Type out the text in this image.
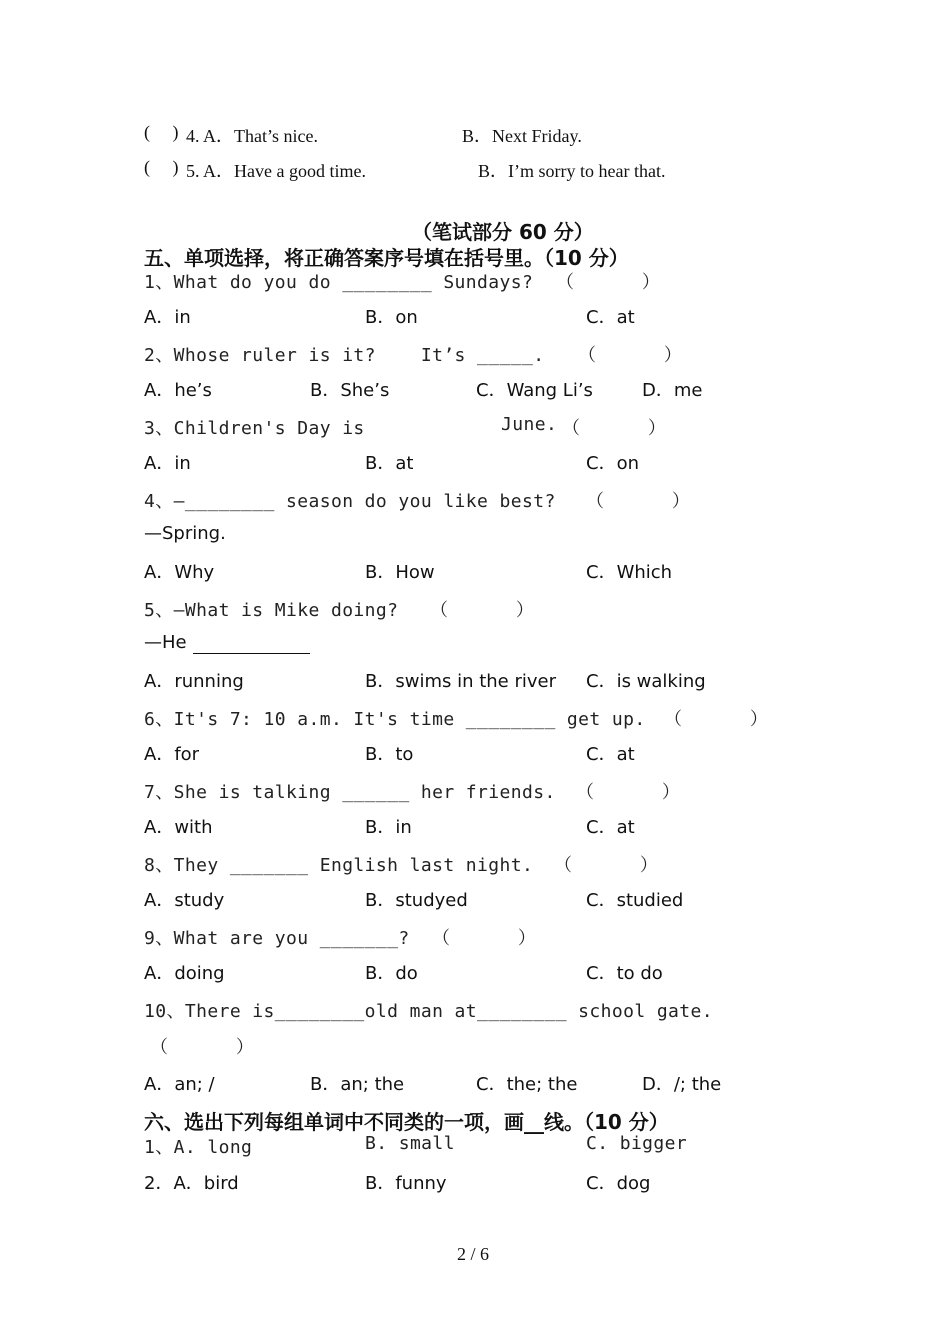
(     )

4. A．That’s nice.

	B．Next Friday.

(     )

5. A．Have a good time.

	B．I’m sorry to hear that.

（笔试部分 60 分）

五、单项选择，将正确答案序号填在括号里。（10 分）

1、What do you do ________ Sundays?

（      ）

A．in

	B．on

	C．at

2、Whose ruler is it?    It’s _____.

（      ）

A．he’s

	B．She’s

	C．Wang Li’s

	D．me

3、Children's Day is

	June.

（      ）

A．in

	B．at

	C．on

4、—________ season do you like best?

（      ）

—Spring.

A．Why

	B．How

	C．Which

5、—What is Mike doing?

（      ）

—He

A．running

	B．swims in the river

C．is walking

6、It's 7: 10 a.m. It's time ________ get up.

（      ）

A．for

	B．to

	C．at

7、She is talking ______ her friends.

（      ）

A．with

	B．in

	C．at

8、They _______ English last night.

（      ）

A．study

	B．studyed

	C．studied

9、What are you _______?

（      ）

A．doing

	B．do

	C．to do

10、There is________old man at________ school gate.

（      ）

A．an; /

	B．an; the

	C．the; the

	D．/; the

六、选出下列每组单词中不同类的一项，画__线。（10 分）

1、A. long

	B. small

	C. bigger

2．A．bird

	B．funny

	C．dog

2 / 6
